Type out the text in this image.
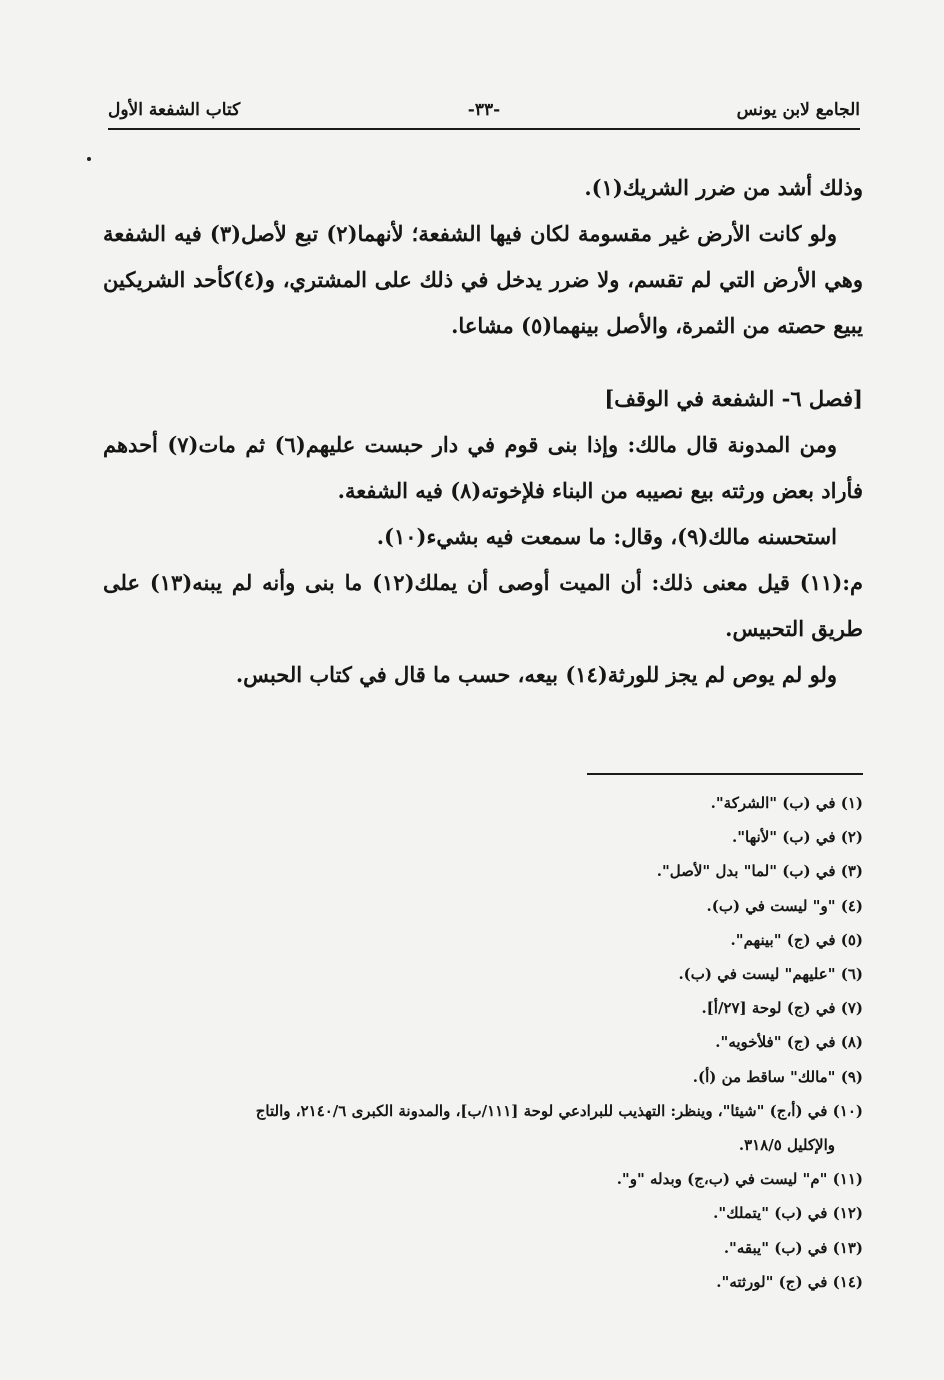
الجامع لابن يونس
-٣٣-
كتاب الشفعة الأول

وذلك أشد من ضرر الشريك(١).

ولو كانت الأرض غير مقسومة لكان فيها الشفعة؛ لأنهما(٢) تبع لأصل(٣) فيه الشفعة وهي الأرض التي لم تقسم، ولا ضرر يدخل في ذلك على المشتري، و(٤)كأحد الشريكين يبيع حصته من الثمرة، والأصل بينهما(٥) مشاعا.

[فصل ٦- الشفعة في الوقف]

ومن المدونة قال مالك: وإذا بنى قوم في دار حبست عليهم(٦) ثم مات(٧) أحدهم فأراد بعض ورثته بيع نصيبه من البناء فلإخوته(٨) فيه الشفعة.

استحسنه مالك(٩)، وقال: ما سمعت فيه بشيء(١٠).

م:(١١) قيل معنى ذلك: أن الميت أوصى أن يملك(١٢) ما بنى وأنه لم يبنه(١٣) على طريق التحبيس.

ولو لم يوص لم يجز للورثة(١٤) بيعه، حسب ما قال في كتاب الحبس.

(١) في (ب) "الشركة".
(٢) في (ب) "لأنها".
(٣) في (ب) "لما" بدل "لأصل".
(٤) "و" ليست في (ب).
(٥) في (ج) "بينهم".
(٦) "عليهم" ليست في (ب).
(٧) في (ج) لوحة [٢٧/أ].
(٨) في (ج) "فلأخويه".
(٩) "مالك" ساقط من (أ).
(١٠) في (أ،ج) "شيئا"، وينظر: التهذيب للبرادعي لوحة [١١١/ب]، والمدونة الكبرى ٢١٤٠/٦، والتاج
والإكليل ٣١٨/٥.
(١١) "م" ليست في (ب،ج) وبدله "و".
(١٢) في (ب) "يتملك".
(١٣) في (ب) "يبقه".
(١٤) في (ج) "لورثته".
